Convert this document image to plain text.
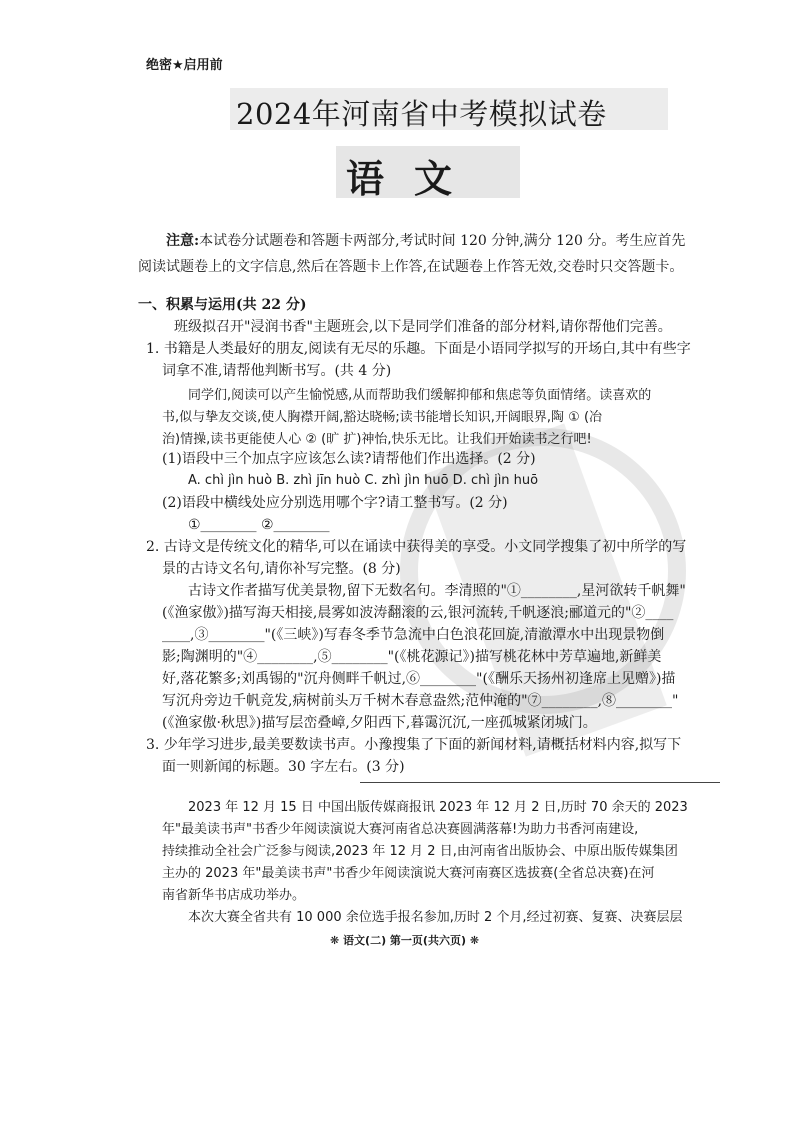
绝密★启用前
2024年河南省中考模拟试卷
语文
注意:本试卷分试题卷和答题卡两部分,考试时间 120 分钟,满分 120 分。考生应首先阅读试题卷上的文字信息,然后在答题卡上作答,在试题卷上作答无效,交卷时只交答题卡。
一、积累与运用(共 22 分)
班级拟召开"浸润书香"主题班会,以下是同学们准备的部分材料,请你帮他们完善。
1. 书籍是人类最好的朋友,阅读有无尽的乐趣。下面是小语同学拟写的开场白,其中有些字
词拿不准,请帮他判断书写。(共 4 分)
同学们,阅读可以产生愉悦感,从而帮助我们缓解抑郁和焦虑等负面情绪。读喜欢的
书,似与挚友交谈,使人胸襟开阔,豁达晓畅;读书能增长知识,开阔眼界,陶 ① (冶
治)情操,读书更能使人心 ② (旷 扩)神怡,快乐无比。让我们开始读书之行吧!
(1)语段中三个加点字应该怎么读?请帮他们作出选择。(2 分)
A. chì jìn huò B. zhì jīn huò C. zhì jìn huō D. chì jìn huō
(2)语段中横线处应分别选用哪个字?请工整书写。(2 分)
①________ ②________
2. 古诗文是传统文化的精华,可以在诵读中获得美的享受。小文同学搜集了初中所学的写
景的古诗文名句,请你补写完整。(8 分)
古诗文作者描写优美景物,留下无数名句。李清照的"①________,星河欲转千帆舞"
(《渔家傲》)描写海天相接,晨雾如波涛翻滚的云,银河流转,千帆逐浪;郦道元的"②____
____,③________"(《三峡》)写春冬季节急流中白色浪花回旋,清澈潭水中出现景物倒
影;陶渊明的"④________,⑤________"(《桃花源记》)描写桃花林中芳草遍地,新鲜美
好,落花繁多;刘禹锡的"沉舟侧畔千帆过,⑥________"(《酬乐天扬州初逢席上见赠》)描
写沉舟旁边千帆竞发,病树前头万千树木春意盎然;范仲淹的"⑦________,⑧________"
(《渔家傲·秋思》)描写层峦叠嶂,夕阳西下,暮霭沉沉,一座孤城紧闭城门。
3. 少年学习进步,最美要数读书声。小豫搜集了下面的新闻材料,请概括材料内容,拟写下
面一则新闻的标题。30 字左右。(3 分)
2023 年 12 月 15 日 中国出版传媒商报讯 2023 年 12 月 2 日,历时 70 余天的 2023
年"最美读书声"书香少年阅读演说大赛河南省总决赛圆满落幕!为助力书香河南建设,
持续推动全社会广泛参与阅读,2023 年 12 月 2 日,由河南省出版协会、中原出版传媒集团
主办的 2023 年"最美读书声"书香少年阅读演说大赛河南赛区选拔赛(全省总决赛)在河
南省新华书店成功举办。
本次大赛全省共有 10 000 余位选手报名参加,历时 2 个月,经过初赛、复赛、决赛层层
❋ 语文(二) 第一页(共六页) ❋
